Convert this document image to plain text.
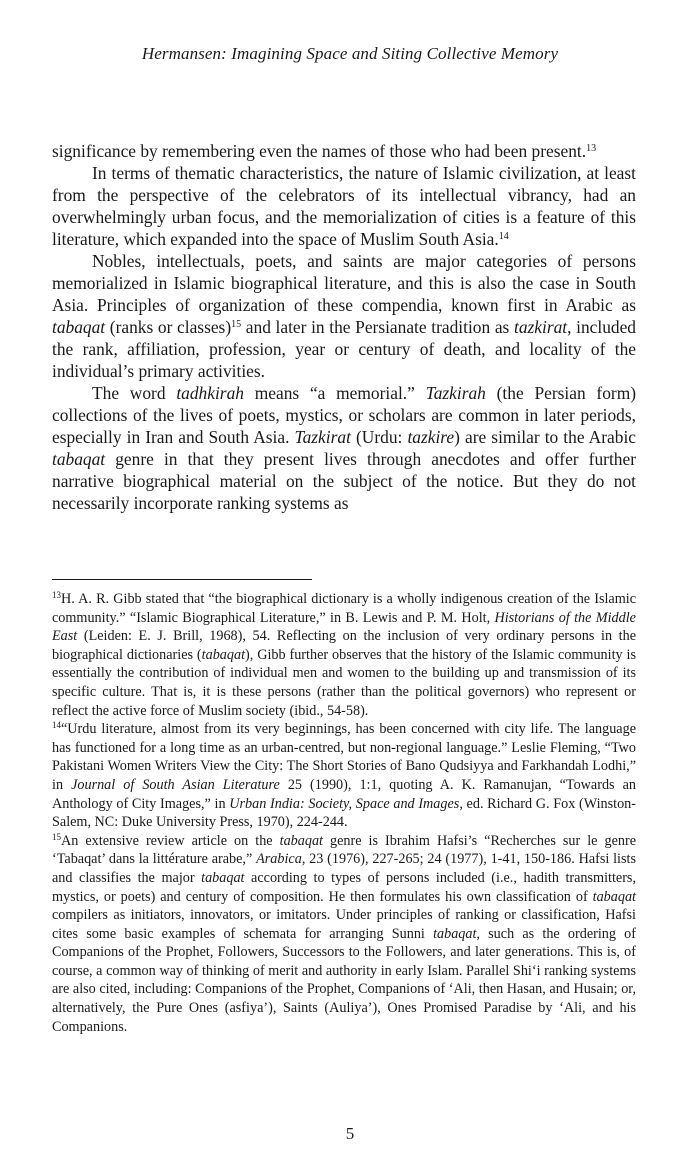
Hermansen: Imagining Space and Siting Collective Memory

significance by remembering even the names of those who had been present.$^{13}$

In terms of thematic characteristics, the nature of Islamic civilization, at least from the perspective of the celebrators of its intellectual vibrancy, had an overwhelmingly urban focus, and the memorialization of cities is a feature of this literature, which expanded into the space of Muslim South Asia.$^{14}$

Nobles, intellectuals, poets, and saints are major categories of persons memorialized in Islamic biographical literature, and this is also the case in South Asia. Principles of organization of these compendia, known first in Arabic as tabaqat (ranks or classes)$^{15}$ and later in the Persianate tradition as tazkirat, included the rank, affiliation, profession, year or century of death, and locality of the individual’s primary activities.

The word tadhkirah means “a memorial.” Tazkirah (the Persian form) collections of the lives of poets, mystics, or scholars are common in later periods, especially in Iran and South Asia. Tazkirat (Urdu: tazkire) are similar to the Arabic tabaqat genre in that they present lives through anecdotes and offer further narrative biographical material on the subject of the notice. But they do not necessarily incorporate ranking systems as

$^{13}$H. A. R. Gibb stated that “the biographical dictionary is a wholly indigenous creation of the Islamic community.” “Islamic Biographical Literature,” in B. Lewis and P. M. Holt, Historians of the Middle East (Leiden: E. J. Brill, 1968), 54. Reflecting on the inclusion of very ordinary persons in the biographical dictionaries (tabaqat), Gibb further observes that the history of the Islamic community is essentially the contribution of individual men and women to the building up and transmission of its specific culture. That is, it is these persons (rather than the political governors) who represent or reflect the active force of Muslim society (ibid., 54-58).

$^{14}$“Urdu literature, almost from its very beginnings, has been concerned with city life. The language has functioned for a long time as an urban-centred, but non-regional language.” Leslie Fleming, “Two Pakistani Women Writers View the City: The Short Stories of Bano Qudsiyya and Farkhandah Lodhi,” in Journal of South Asian Literature 25 (1990), 1:1, quoting A. K. Ramanujan, “Towards an Anthology of City Images,” in Urban India: Society, Space and Images, ed. Richard G. Fox (Winston-Salem, NC: Duke University Press, 1970), 224-244.

$^{15}$An extensive review article on the tabaqat genre is Ibrahim Hafsi’s “Recherches sur le genre ‘Tabaqat’ dans la littérature arabe,” Arabica, 23 (1976), 227-265; 24 (1977), 1-41, 150-186. Hafsi lists and classifies the major tabaqat according to types of persons included (i.e., hadith transmitters, mystics, or poets) and century of composition. He then formulates his own classification of tabaqat compilers as initiators, innovators, or imitators. Under principles of ranking or classification, Hafsi cites some basic examples of schemata for arranging Sunni tabaqat, such as the ordering of Companions of the Prophet, Followers, Successors to the Followers, and later generations. This is, of course, a common way of thinking of merit and authority in early Islam. Parallel Shi‘i ranking systems are also cited, including: Companions of the Prophet, Companions of ‘Ali, then Hasan, and Husain; or, alternatively, the Pure Ones (asfiya’), Saints (Auliya’), Ones Promised Paradise by ‘Ali, and his Companions.

5
